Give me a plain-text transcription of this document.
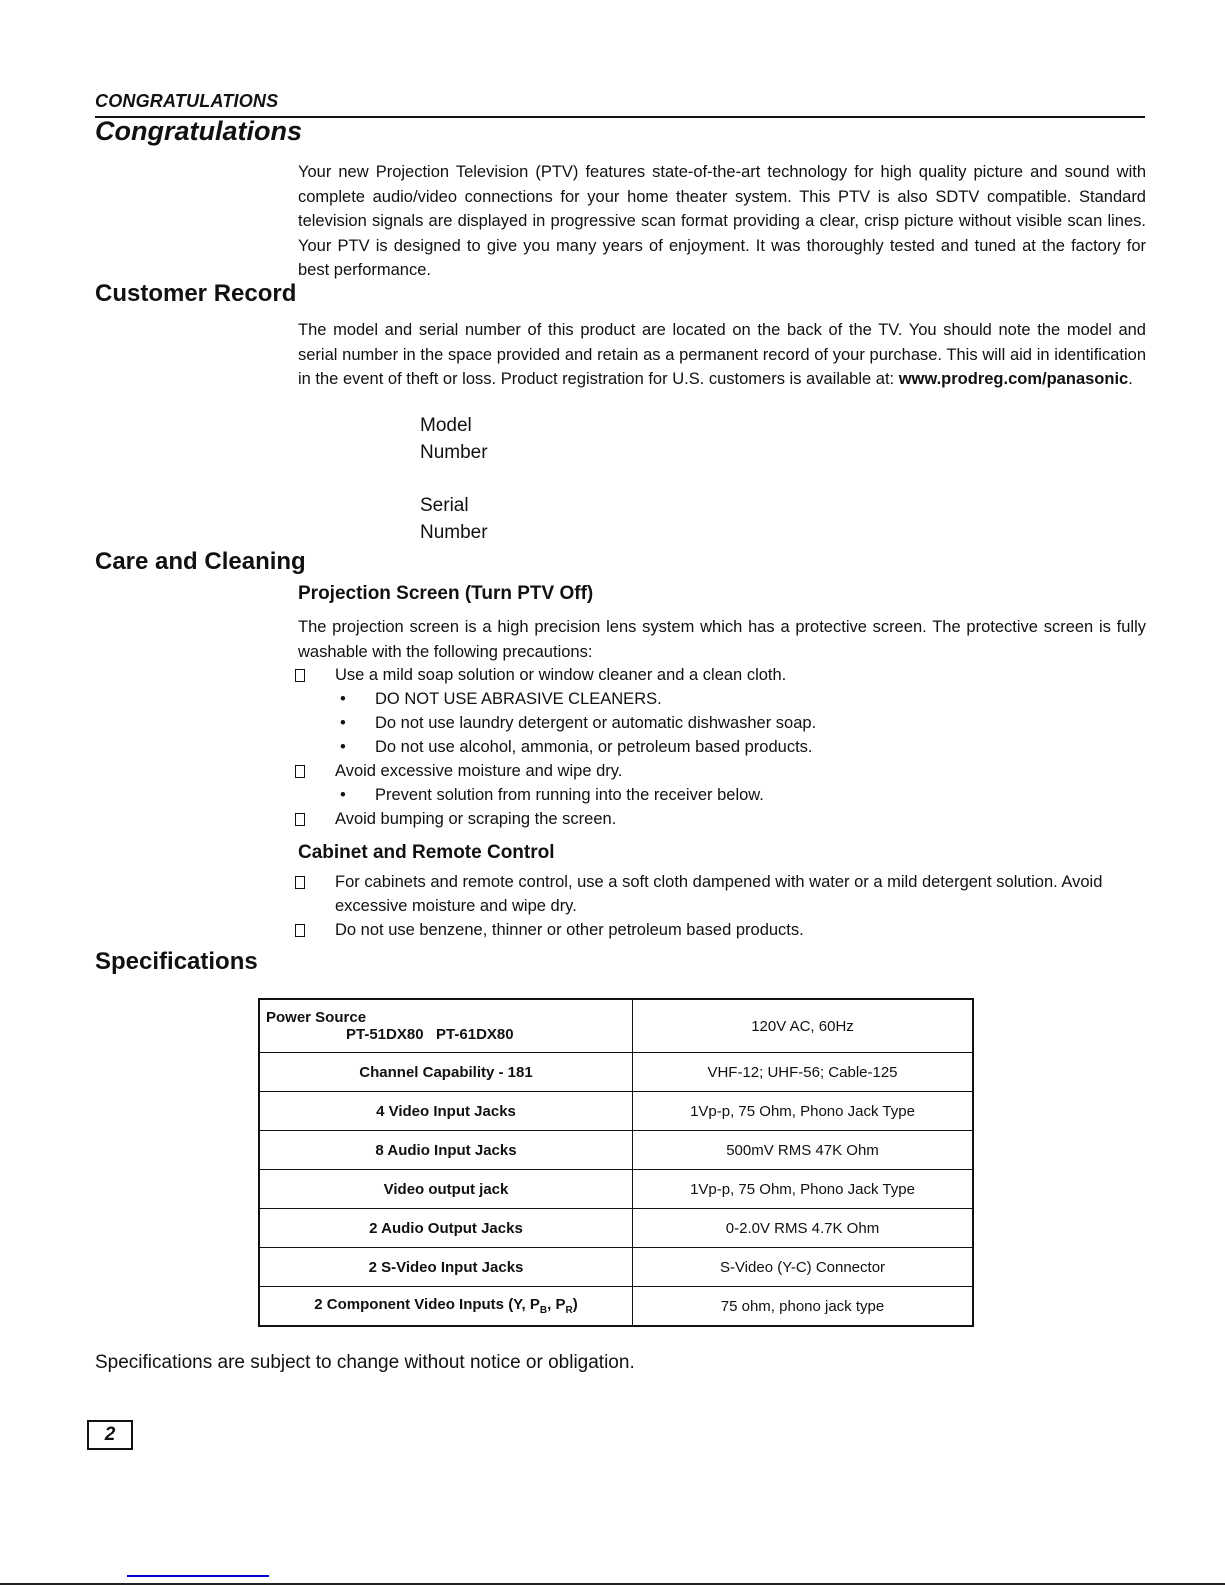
CONGRATULATIONS
Congratulations
Your new Projection Television (PTV) features state-of-the-art technology for high quality picture and sound with complete audio/video connections for your home theater system. This PTV is also SDTV compatible. Standard television signals are displayed in progressive scan format providing a clear, crisp picture without visible scan lines. Your PTV is designed to give you many years of enjoyment. It was thoroughly tested and tuned at the factory for best performance.
Customer Record
The model and serial number of this product are located on the back of the TV. You should note the model and serial number in the space provided and retain as a permanent record of your purchase. This will aid in identification in the event of theft or loss. Product registration for U.S. customers is available at: www.prodreg.com/panasonic.
Model
Number
Serial
Number
Care and Cleaning
Projection Screen (Turn PTV Off)
The projection screen is a high precision lens system which has a protective screen. The protective screen is fully washable with the following precautions:
Use a mild soap solution or window cleaner and a clean cloth.
• DO NOT USE ABRASIVE CLEANERS.
• Do not use laundry detergent or automatic dishwasher soap.
• Do not use alcohol, ammonia, or petroleum based products.
Avoid excessive moisture and wipe dry.
• Prevent solution from running into the receiver below.
Avoid bumping or scraping the screen.
Cabinet and Remote Control
For cabinets and remote control, use a soft cloth dampened with water or a mild detergent solution. Avoid excessive moisture and wipe dry.
Do not use benzene, thinner or other petroleum based products.
Specifications
Power Source
PT-51DX80   PT-61DX80	120V AC, 60Hz
Channel Capability - 181	VHF-12; UHF-56; Cable-125
4 Video Input Jacks	1Vp-p, 75 Ohm, Phono Jack Type
8 Audio Input Jacks	500mV RMS 47K Ohm
Video output jack	1Vp-p, 75 Ohm, Phono Jack Type
2 Audio Output Jacks	0-2.0V RMS 4.7K Ohm
2 S-Video Input Jacks	S-Video (Y-C) Connector
2 Component Video Inputs (Y, $P_B$, $P_R$)	75 ohm, phono jack type
Specifications are subject to change without notice or obligation.
2
